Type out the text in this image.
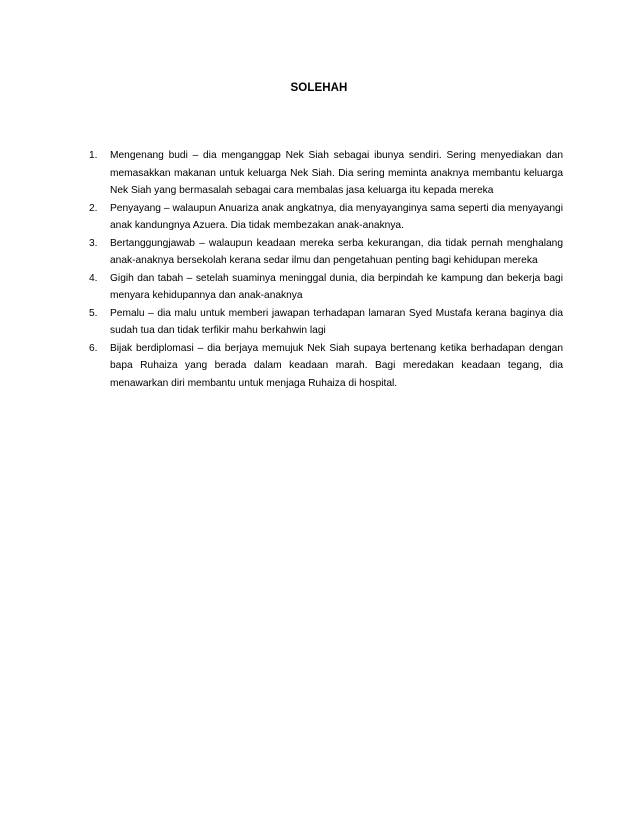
SOLEHAH
1. Mengenang budi – dia menganggap Nek Siah sebagai ibunya sendiri. Sering menyediakan dan memasakkan makanan untuk keluarga Nek Siah. Dia sering meminta anaknya membantu keluarga Nek Siah yang bermasalah sebagai cara membalas jasa keluarga itu kepada mereka
2. Penyayang – walaupun Anuariza anak angkatnya, dia menyayanginya sama seperti dia menyayangi anak kandungnya Azuera. Dia tidak membezakan anak-anaknya.
3. Bertanggungjawab – walaupun keadaan mereka serba kekurangan, dia tidak pernah menghalang anak-anaknya bersekolah kerana sedar ilmu dan pengetahuan penting bagi kehidupan mereka
4. Gigih dan tabah – setelah suaminya meninggal dunia, dia berpindah ke kampung dan bekerja bagi menyara kehidupannya dan anak-anaknya
5. Pemalu – dia malu untuk memberi jawapan terhadapan lamaran Syed Mustafa kerana baginya dia sudah tua dan tidak terfikir mahu berkahwin lagi
6. Bijak berdiplomasi – dia berjaya memujuk Nek Siah supaya bertenang ketika berhadapan dengan bapa Ruhaiza yang berada dalam keadaan marah. Bagi meredakan keadaan tegang, dia menawarkan diri membantu untuk menjaga Ruhaiza di hospital.
